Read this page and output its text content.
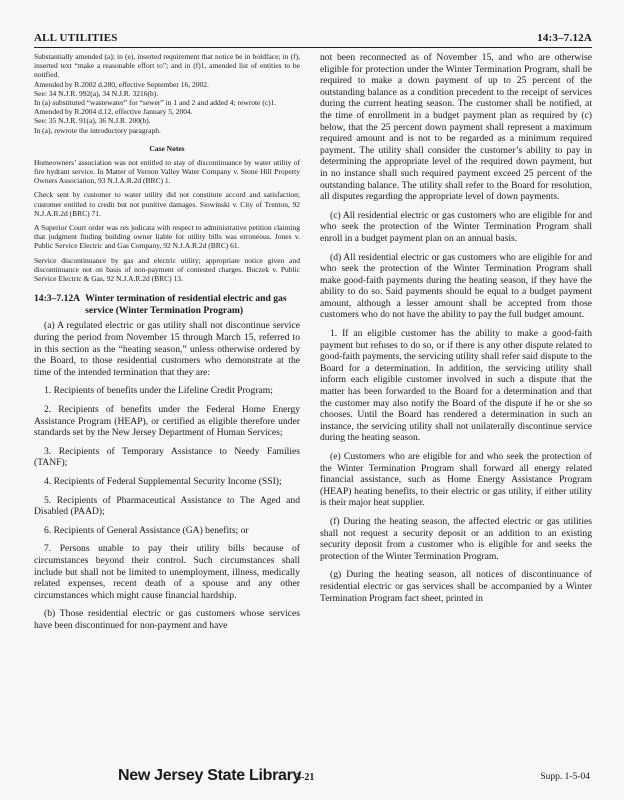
ALL UTILITIES	14:3–7.12A

Substantially amended (a); in (e), inserted requirement that notice be in boldface; in (f), inserted text “make a reasonable effort to”; and in (f)1, amended list of entities to be notified.

Amended by R.2002 d.280, effective September 16, 2002.

See: 34 N.J.R. 992(a), 34 N.J.R. 3216(b).

In (a) substituted “wastewater” for “sewer” in 1 and 2 and added 4; rewrote (c)1.

Amended by R.2004 d.12, effective January 5, 2004.

See: 35 N.J.R. 91(a), 36 N.J.R. 200(b).

In (a), rewrote the introductory paragraph.

Case Notes

Homeowners’ association was not entitled to stay of discontinuance by water utility of fire hydrant service. In Matter of Vernon Valley Water Company v. Stone Hill Property Owners Association, 93 N.J.A.R.2d (BRC) 1.

Check sent by customer to water utility did not constitute accord and satisfaction; customer entitled to credit but not punitive damages. Siowinski v. City of Trenton, 92 N.J.A.R.2d (BRC) 71.

A Superior Court order was res judicata with respect to administrative petition claiming that judgment finding building owner liable for utility bills was erroneous. Jones v. Public Service Electric and Gas Company, 92 N.J.A.R.2d (BRC) 61.

Service discontinuance by gas and electric utility; appropriate notice given and discontinuance not on basis of non-payment of contested charges. Buczek v. Public Service Electric & Gas, 92 N.J.A.R.2d (BRC) 13.

14:3–7.12A Winter termination of residential electric and gas service (Winter Termination Program)

(a) A regulated electric or gas utility shall not discontinue service during the period from November 15 through March 15, referred to in this section as the “heating season,” unless otherwise ordered by the Board, to those residential customers who demonstrate at the time of the intended termination that they are:

1. Recipients of benefits under the Lifeline Credit Program;

2. Recipients of benefits under the Federal Home Energy Assistance Program (HEAP), or certified as eligible therefore under standards set by the New Jersey Department of Human Services;

3. Recipients of Temporary Assistance to Needy Families (TANF);

4. Recipients of Federal Supplemental Security Income (SSI);

5. Recipients of Pharmaceutical Assistance to The Aged and Disabled (PAAD);

6. Recipients of General Assistance (GA) benefits; or

7. Persons unable to pay their utility bills because of circumstances beyond their control. Such circumstances shall include but shall not be limited to unemployment, illness, medically related expenses, recent death of a spouse and any other circumstances which might cause financial hardship.

(b) Those residential electric or gas customers whose services have been discontinued for non-payment and have

not been reconnected as of November 15, and who are otherwise eligible for protection under the Winter Termination Program, shall be required to make a down payment of up to 25 percent of the outstanding balance as a condition precedent to the receipt of services during the current heating season. The customer shall be notified, at the time of enrollment in a budget payment plan as required by (c) below, that the 25 percent down payment shall represent a maximum required amount and is not to be regarded as a minimum required payment. The utility shall consider the customer’s ability to pay in determining the appropriate level of the required down payment, but in no instance shall such required payment exceed 25 percent of the outstanding balance. The utility shall refer to the Board for resolution, all disputes regarding the appropriate level of down payments.

(c) All residential electric or gas customers who are eligible for and who seek the protection of the Winter Termination Program shall enroll in a budget payment plan on an annual basis.

(d) All residential electric or gas customers who are eligible for and who seek the protection of the Winter Termination Program shall make good-faith payments during the heating season, if they have the ability to do so. Said payments should be equal to a budget payment amount, although a lesser amount shall be accepted from those customers who do not have the ability to pay the full budget amount.

1. If an eligible customer has the ability to make a good-faith payment but refuses to do so, or if there is any other dispute related to good-faith payments, the servicing utility shall refer said dispute to the Board for a determination. In addition, the servicing utility shall inform each eligible customer involved in such a dispute that the matter has been forwarded to the Board for a determination and that the customer may also notify the Board of the dispute if he or she so chooses. Until the Board has rendered a determination in such an instance, the servicing utility shall not unilaterally discontinue service during the heating season.

(e) Customers who are eligible for and who seek the protection of the Winter Termination Program shall forward all energy related financial assistance, such as Home Energy Assistance Program (HEAP) heating benefits, to their electric or gas utility, if either utility is their major heat supplier.

(f) During the heating season, the affected electric or gas utilities shall not request a security deposit or an addition to an existing security deposit from a customer who is eligible for and seeks the protection of the Winter Termination Program.

(g) During the heating season, all notices of discontinuance of residential electric or gas services shall be accompanied by a Winter Termination Program fact sheet, printed in

New Jersey State Library
3-21	Supp. 1-5-04
